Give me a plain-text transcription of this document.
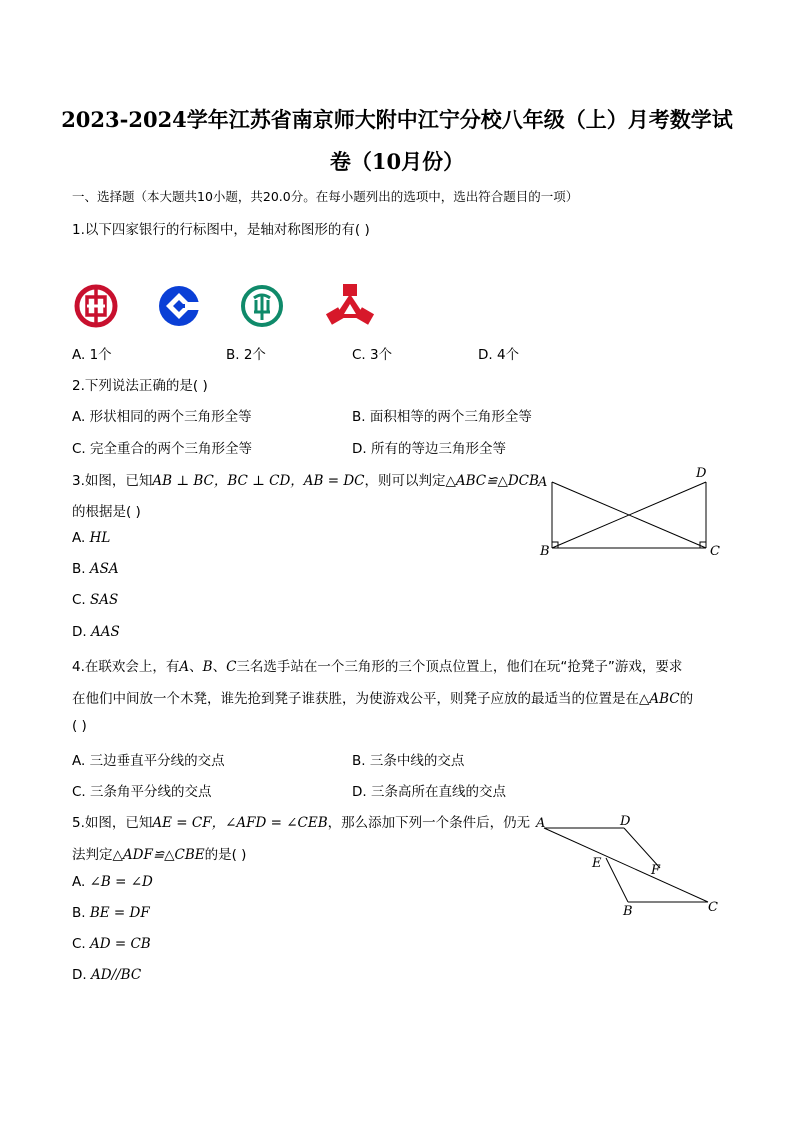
2023-2024学年江苏省南京师大附中江宁分校八年级（上）月考数学试
卷（10月份）
一、选择题（本大题共10小题，共20.0分。在每小题列出的选项中，选出符合题目的一项）
1.以下四家银行的行标图中，是轴对称图形的有( )
A. 1个	B. 2个	C. 3个	D. 4个
2.下列说法正确的是( )
A. 形状相同的两个三角形全等	B. 面积相等的两个三角形全等
C. 完全重合的两个三角形全等	D. 所有的等边三角形全等
3.如图，已知AB ⊥ BC，BC ⊥ CD，AB = DC，则可以判定△ABC≌△DCB
的根据是( )
A. HL
B. ASA
C. SAS
D. AAS
A
D
B	C
4.在联欢会上，有A、B、C三名选手站在一个三角形的三个顶点位置上，他们在玩“抢凳子”游戏，要求
在他们中间放一个木凳，谁先抢到凳子谁获胜，为使游戏公平，则凳子应放的最适当的位置是在△ABC的
( )
A. 三边垂直平分线的交点	B. 三条中线的交点
C. 三条角平分线的交点	D. 三条高所在直线的交点
5.如图，已知AE = CF，∠AFD = ∠CEB，那么添加下列一个条件后，仍无
法判定△ADF≌△CBE的是( )
A. ∠B = ∠D
B. BE = DF
C. AD = CB
D. AD//BC
A	D
E	F
B	C
